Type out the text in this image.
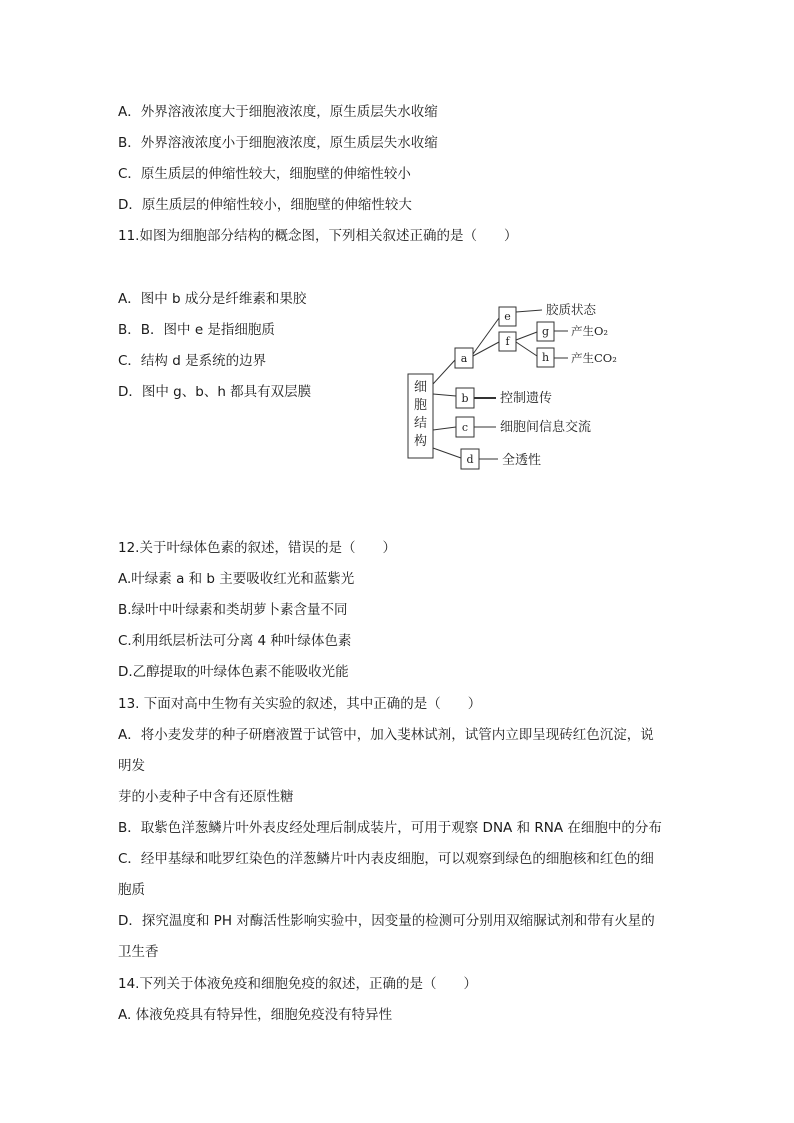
A．外界溶液浓度大于细胞液浓度，原生质层失水收缩
B．外界溶液浓度小于细胞液浓度，原生质层失水收缩
C．原生质层的伸缩性较大，细胞壁的伸缩性较小
D．原生质层的伸缩性较小，细胞壁的伸缩性较大
11.如图为细胞部分结构的概念图，下列相关叙述正确的是（　　）
A．图中 b 成分是纤维素和果胶
B．B．图中 e 是指细胞质
C．结构 d 是系统的边界
D．图中 g、b、h 都具有双层膜	细
胞
结
构
a
b
c
d
e
f
g
h
胶质状态
产生O₂
产生CO₂
控制遗传
细胞间信息交流
全透性
12.关于叶绿体色素的叙述，错误的是（　　）
A.叶绿素 a 和 b 主要吸收红光和蓝紫光
B.绿叶中叶绿素和类胡萝卜素含量不同
C.利用纸层析法可分离 4 种叶绿体色素
D.乙醇提取的叶绿体色素不能吸收光能
13. 下面对高中生物有关实验的叙述，其中正确的是（　　）
A．将小麦发芽的种子研磨液置于试管中，加入斐林试剂，试管内立即呈现砖红色沉淀，说
明发
芽的小麦种子中含有还原性糖
B．取紫色洋葱鳞片叶外表皮经处理后制成装片，可用于观察 DNA 和 RNA 在细胞中的分布
C．经甲基绿和吡罗红染色的洋葱鳞片叶内表皮细胞，可以观察到绿色的细胞核和红色的细
胞质
D．探究温度和 PH 对酶活性影响实验中，因变量的检测可分别用双缩脲试剂和带有火星的
卫生香
14.下列关于体液免疫和细胞免疫的叙述，正确的是（　　）
A. 体液免疫具有特异性，细胞免疫没有特异性
